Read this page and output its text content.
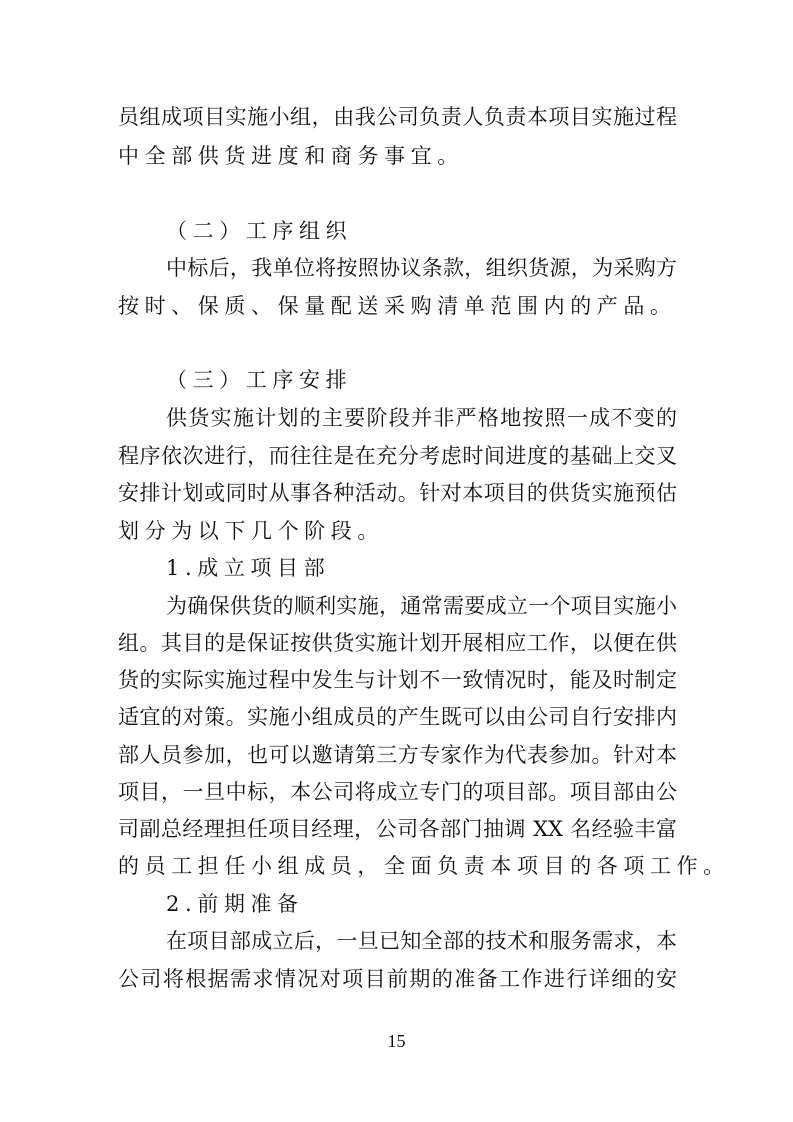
员组成项目实施小组，由我公司负责人负责本项目实施过程
中全部供货进度和商务事宜。
（二）工序组织
中标后，我单位将按照协议条款，组织货源，为采购方
按时、保质、保量配送采购清单范围内的产品。
（三）工序安排
供货实施计划的主要阶段并非严格地按照一成不变的
程序依次进行，而往往是在充分考虑时间进度的基础上交叉
安排计划或同时从事各种活动。针对本项目的供货实施预估
划分为以下几个阶段。
1.成立项目部
为确保供货的顺利实施，通常需要成立一个项目实施小
组。其目的是保证按供货实施计划开展相应工作，以便在供
货的实际实施过程中发生与计划不一致情况时，能及时制定
适宜的对策。实施小组成员的产生既可以由公司自行安排内
部人员参加，也可以邀请第三方专家作为代表参加。针对本
项目，一旦中标，本公司将成立专门的项目部。项目部由公
司副总经理担任项目经理，公司各部门抽调 XX 名经验丰富
的员工担任小组成员，全面负责本项目的各项工作。
2.前期准备
在项目部成立后，一旦已知全部的技术和服务需求，本
公司将根据需求情况对项目前期的准备工作进行详细的安
15
